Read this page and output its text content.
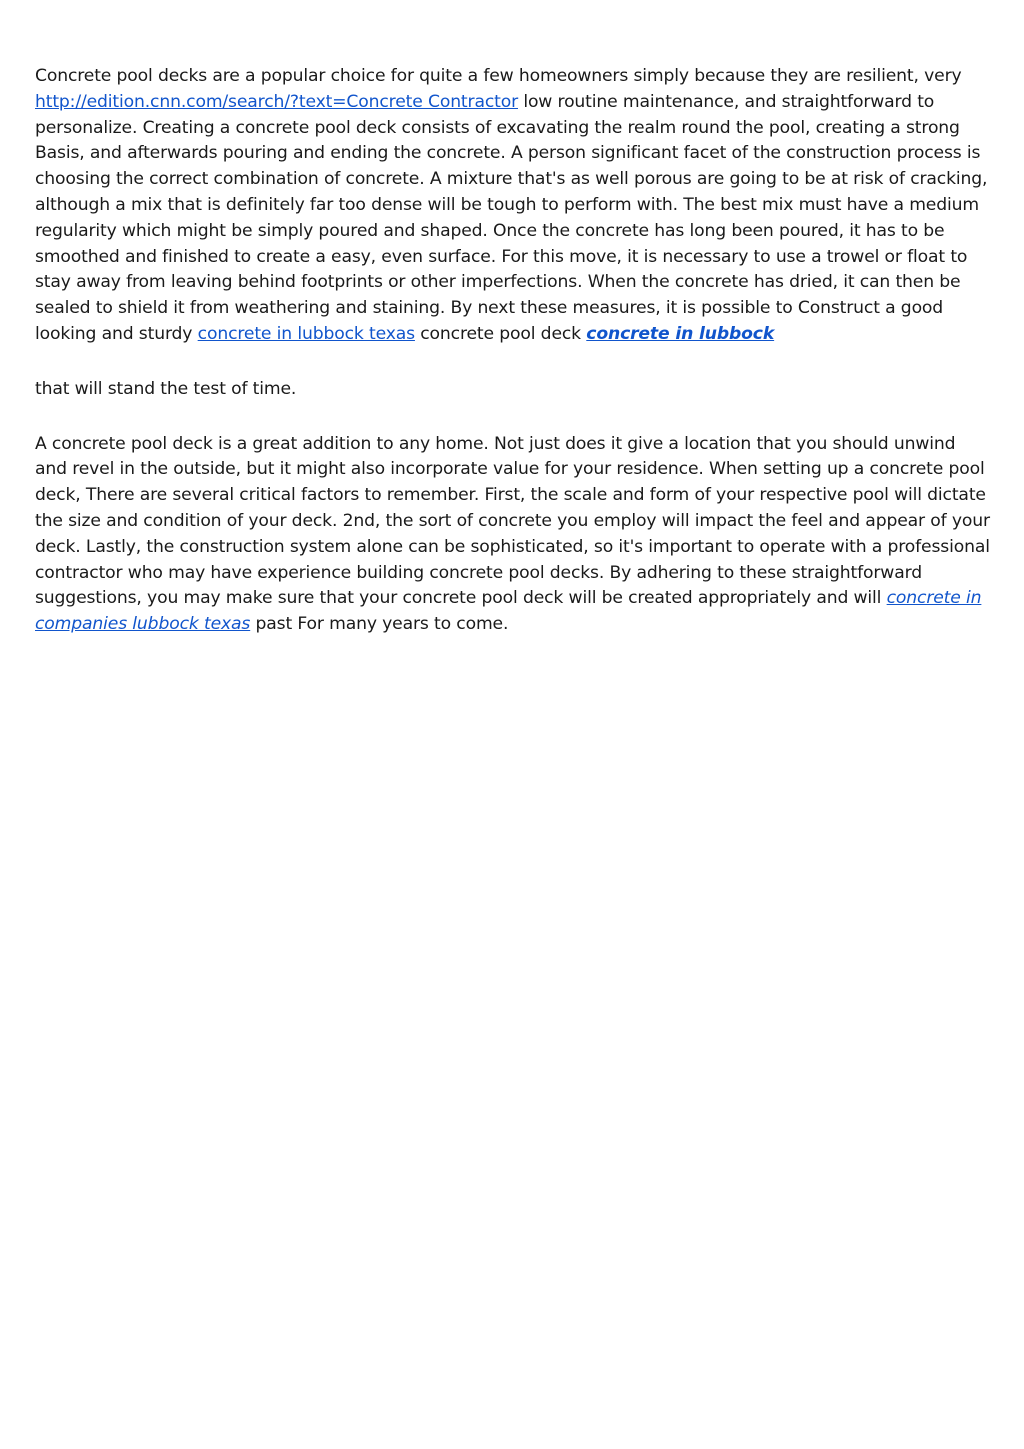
Concrete pool decks are a popular choice for quite a few homeowners simply because they are resilient, very http://edition.cnn.com/search/?text=Concrete Contractor low routine maintenance, and straightforward to personalize. Creating a concrete pool deck consists of excavating the realm round the pool, creating a strong Basis, and afterwards pouring and ending the concrete. A person significant facet of the construction process is choosing the correct combination of concrete. A mixture that's as well porous are going to be at risk of cracking, although a mix that is definitely far too dense will be tough to perform with. The best mix must have a medium regularity which might be simply poured and shaped. Once the concrete has long been poured, it has to be smoothed and finished to create a easy, even surface. For this move, it is necessary to use a trowel or float to stay away from leaving behind footprints or other imperfections. When the concrete has dried, it can then be sealed to shield it from weathering and staining. By next these measures, it is possible to Construct a good looking and sturdy concrete in lubbock texas concrete pool deck concrete in lubbock

that will stand the test of time.

A concrete pool deck is a great addition to any home. Not just does it give a location that you should unwind and revel in the outside, but it might also incorporate value for your residence. When setting up a concrete pool deck, There are several critical factors to remember. First, the scale and form of your respective pool will dictate the size and condition of your deck. 2nd, the sort of concrete you employ will impact the feel and appear of your deck. Lastly, the construction system alone can be sophisticated, so it's important to operate with a professional contractor who may have experience building concrete pool decks. By adhering to these straightforward suggestions, you may make sure that your concrete pool deck will be created appropriately and will concrete in companies lubbock texas past For many years to come.
